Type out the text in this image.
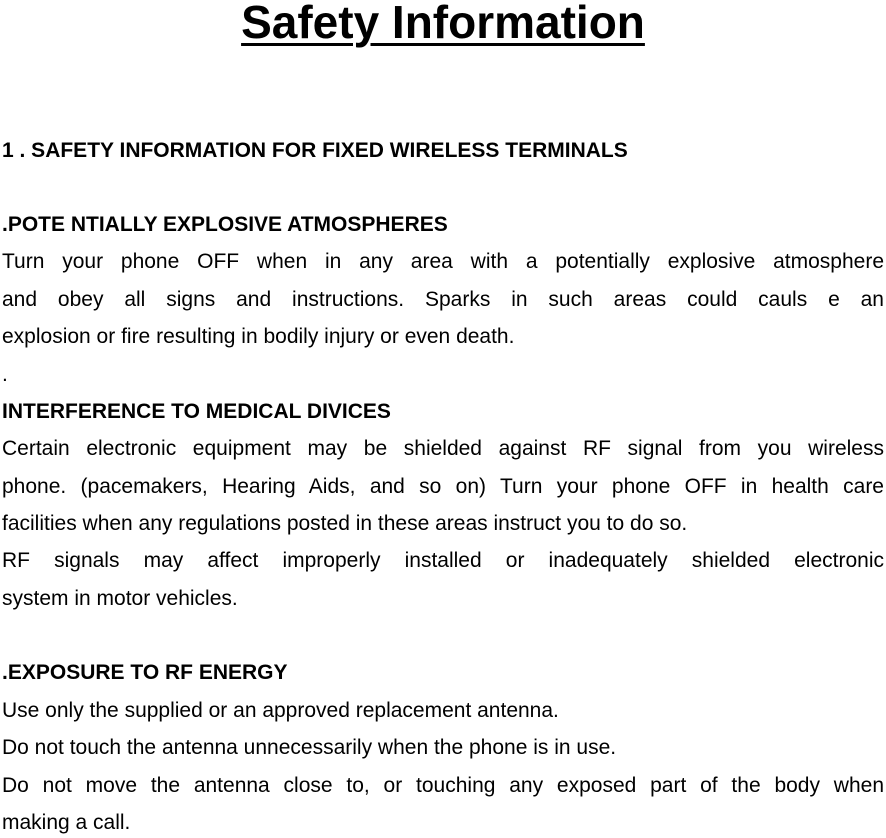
Safety Information

1 . SAFETY INFORMATION FOR FIXED WIRELESS TERMINALS

.POTE NTIALLY EXPLOSIVE ATMOSPHERES

Turn your phone OFF when in any area with a potentially explosive atmosphere

and obey all signs and instructions. Sparks in such areas could cauls e an

explosion or fire resulting in bodily injury or even death.

.

INTERFERENCE TO MEDICAL DIVICES

Certain electronic equipment may be shielded against RF signal from you wireless

phone. (pacemakers, Hearing Aids, and so on) Turn your phone OFF in health care

facilities when any regulations posted in these areas instruct you to do so.

RF signals may affect improperly installed or inadequately shielded electronic

system in motor vehicles.

.EXPOSURE TO RF ENERGY

Use only the supplied or an approved replacement antenna.

Do not touch the antenna unnecessarily when the phone is in use.

Do not move the antenna close to, or touching any exposed part of the body when

making a call.
